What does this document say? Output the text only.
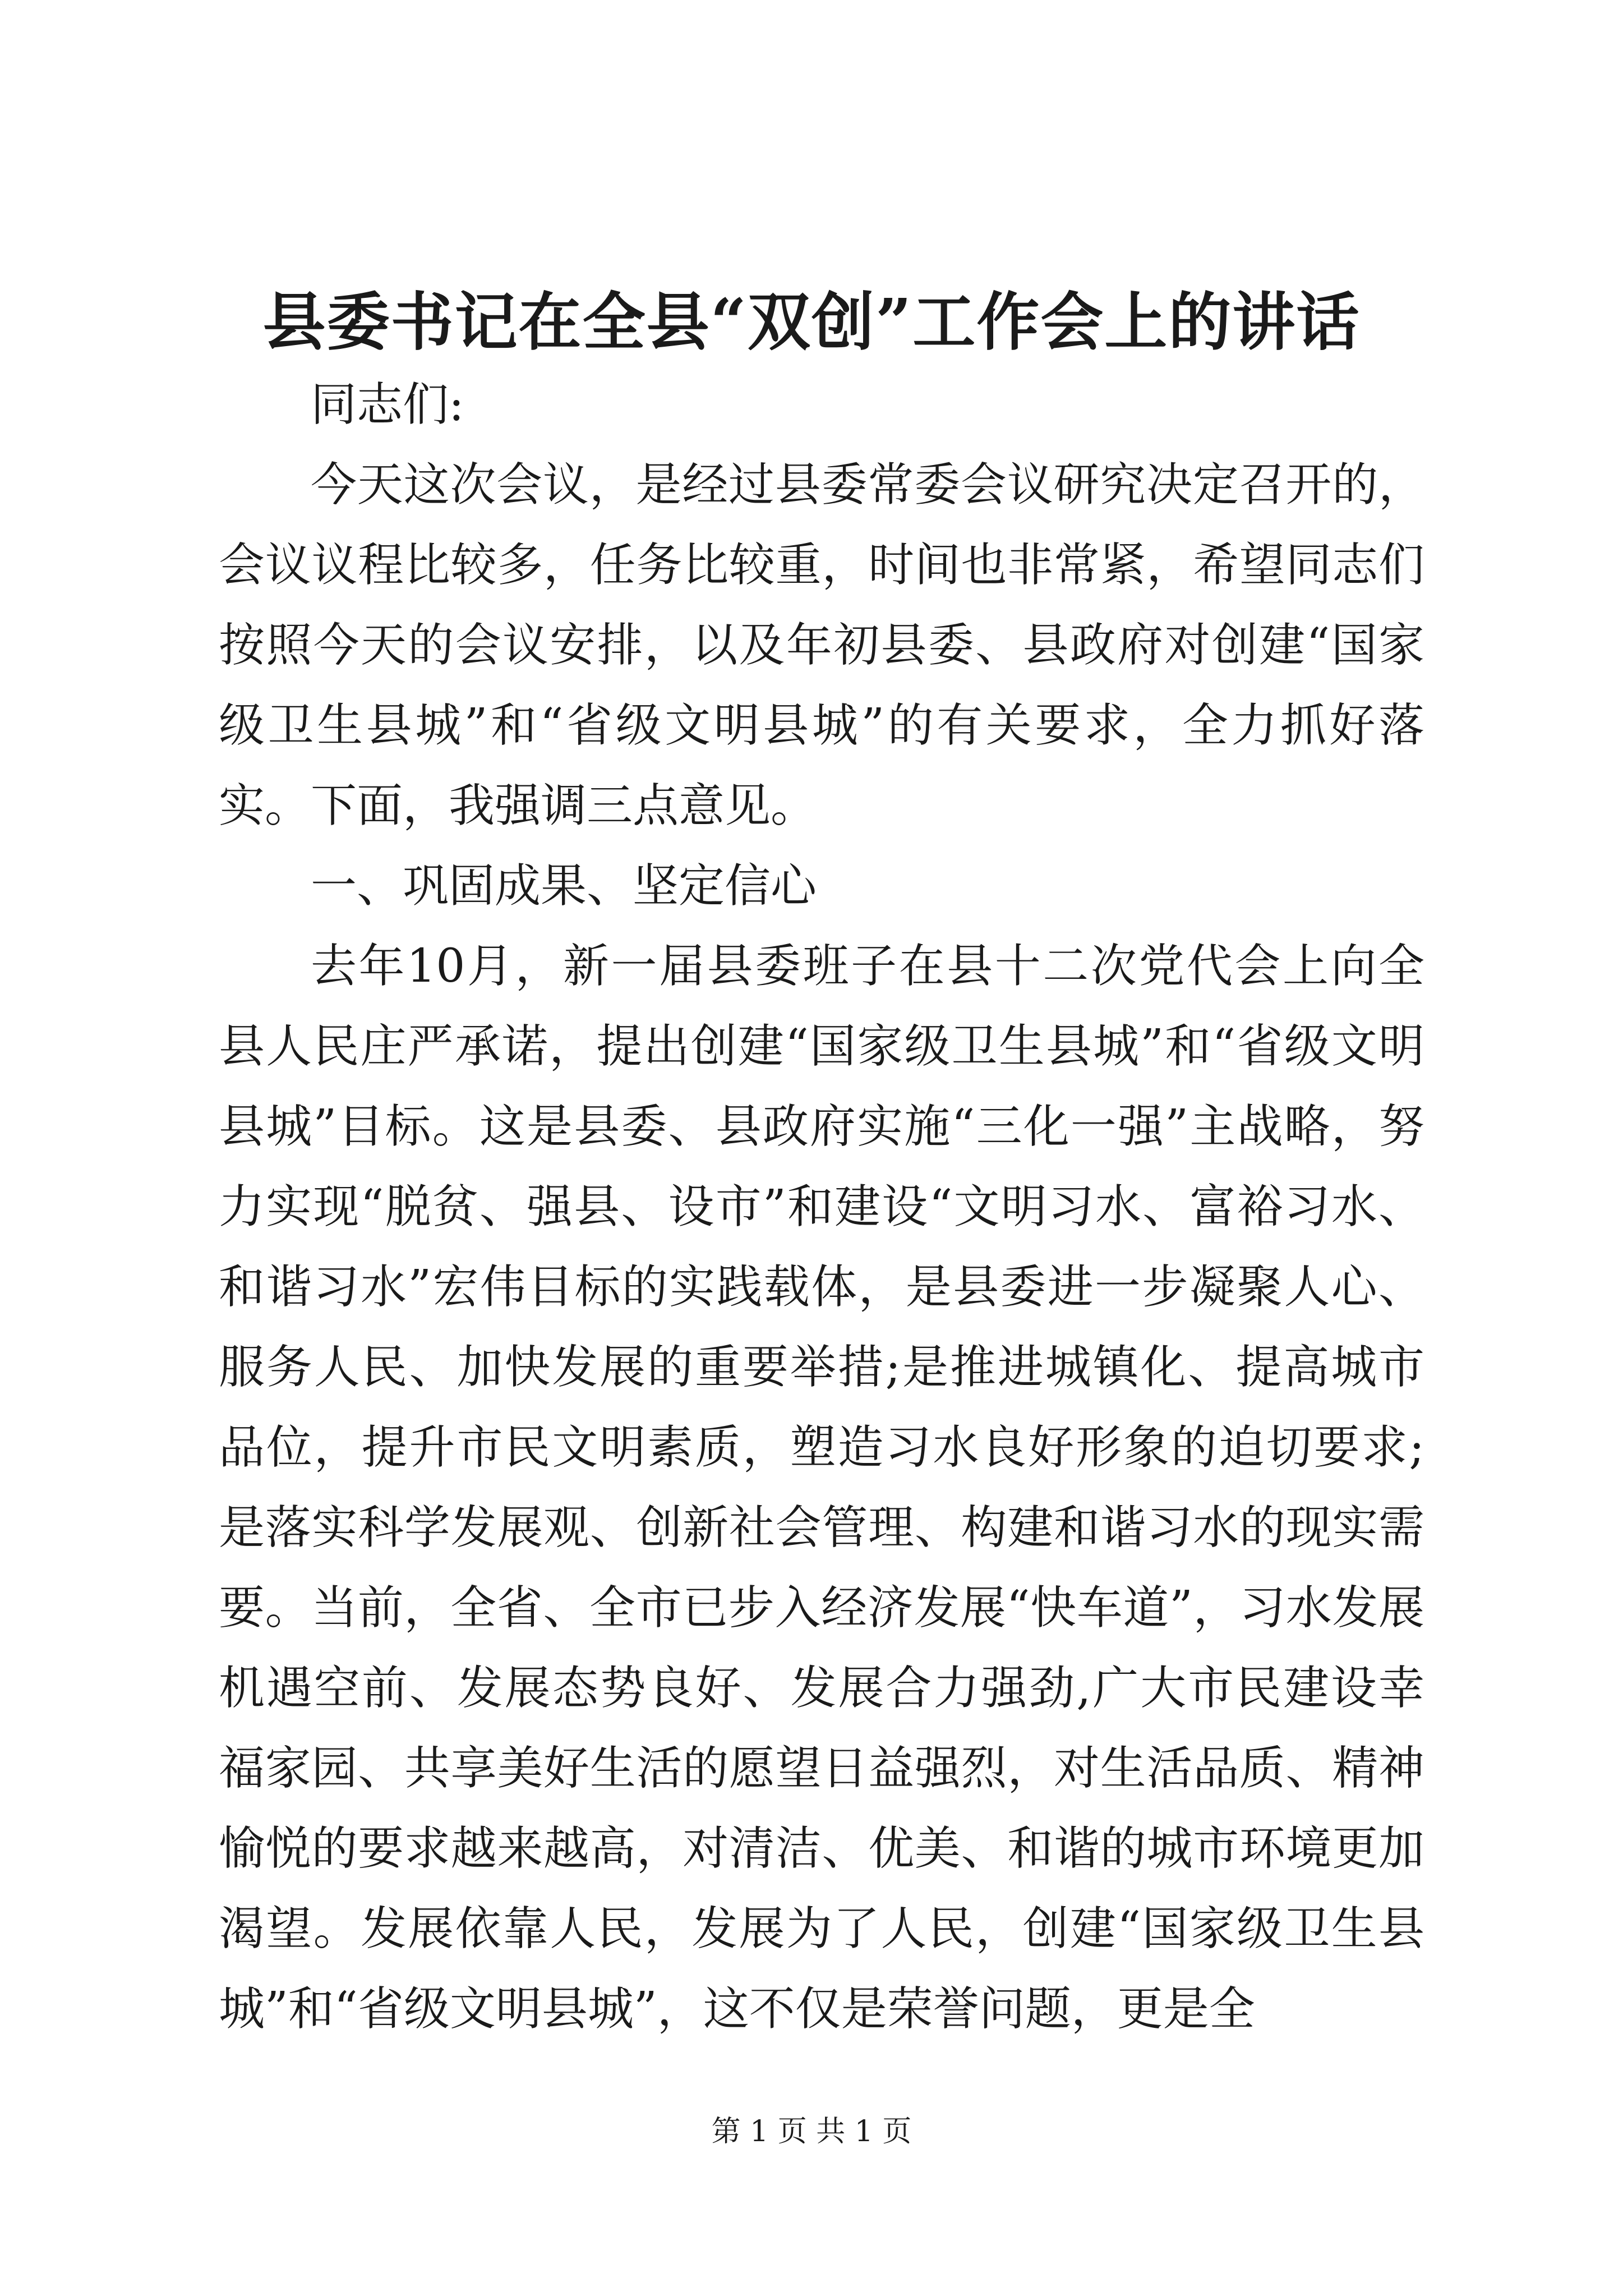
县委书记在全县“双创”工作会上的讲话

同志们:

今天这次会议，是经过县委常委会议研究决定召开的，会议议程比较多，任务比较重，时间也非常紧，希望同志们按照今天的会议安排，以及年初县委、县政府对创建“国家级卫生县城”和“省级文明县城”的有关要求，全力抓好落实。下面，我强调三点意见。

一、巩固成果、坚定信心

去年10月，新一届县委班子在县十二次党代会上向全县人民庄严承诺，提出创建“国家级卫生县城”和“省级文明县城”目标。这是县委、县政府实施“三化一强”主战略，努力实现“脱贫、强县、设市”和建设“文明习水、富裕习水、和谐习水”宏伟目标的实践载体，是县委进一步凝聚人心、服务人民、加快发展的重要举措;是推进城镇化、提高城市品位，提升市民文明素质，塑造习水良好形象的迫切要求;是落实科学发展观、创新社会管理、构建和谐习水的现实需要。当前，全省、全市已步入经济发展“快车道”，习水发展机遇空前、发展态势良好、发展合力强劲,广大市民建设幸福家园、共享美好生活的愿望日益强烈，对生活品质、精神愉悦的要求越来越高，对清洁、优美、和谐的城市环境更加渴望。发展依靠人民，发展为了人民，创建“国家级卫生县城”和“省级文明县城”，这不仅是荣誉问题，更是全

第 1 页 共 1 页
